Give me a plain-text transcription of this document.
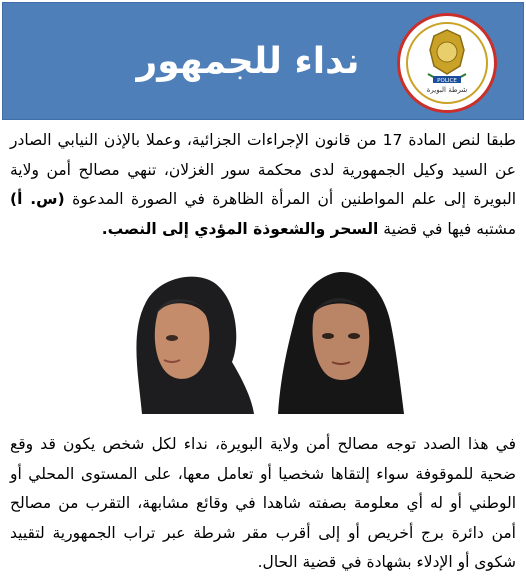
نداء للجمهور	POLICE
شرطة البويرة
طبقا لنص المادة 17 من قانون الإجراءات الجزائية، وعملا بالإذن النيابي الصادر عن السيد وكيل الجمهورية لدى محكمة سور الغزلان، تنهي مصالح أمن ولاية البويرة إلى علم المواطنين أن المرأة الظاهرة في الصورة المدعوة (س. أ) مشتبه فيها في قضية السحر والشعوذة المؤدي إلى النصب.
في هذا الصدد توجه مصالح أمن ولاية البويرة، نداء لكل شخص يكون قد وقع ضحية للموقوفة سواء إلتقاها شخصيا أو تعامل معها، على المستوى المحلي أو الوطني أو له أي معلومة بصفته شاهدا في وقائع مشابهة، التقرب من مصالح أمن دائرة برج أخريص أو إلى أقرب مقر شرطة عبر تراب الجمهورية لتقييد شكوى أو الإدلاء بشهادة في قضية الحال.
